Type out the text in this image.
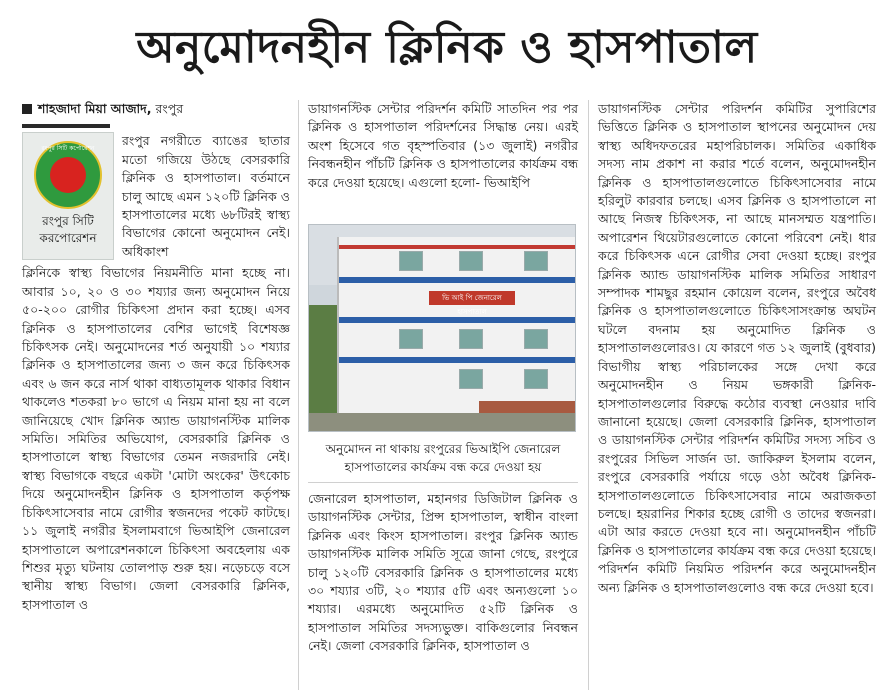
অনুমোদনহীন ক্লিনিক ও হাসপাতাল
শাহজাদা মিয়া আজাদ, রংপুর
রংপুর সিটি কর্পোরেশন
রংপুর সিটি
করপোরেশন

রংপুর নগরীতে ব্যাঙের ছাতার মতো গজিয়ে উঠছে বেসরকারি ক্লিনিক ও হাসপাতাল। বর্তমানে চালু আছে এমন ১২০টি ক্লিনিক ও হাসপাতালের মধ্যে ৬৮টিরই স্বাস্থ্য বিভাগের কোনো অনুমোদন নেই। অধিকাংশ

ক্লিনিকে স্বাস্থ্য বিভাগের নিয়মনীতি মানা হচ্ছে না। আবার ১০, ২০ ও ৩০ শয্যার জন্য অনুমোদন নিয়ে ৫০-২০০ রোগীর চিকিৎসা প্রদান করা হচ্ছে। এসব ক্লিনিক ও হাসপাতালের বেশির ভাগেই বিশেষজ্ঞ চিকিৎসক নেই। অনুমোদনের শর্ত অনুযায়ী ১০ শয্যার ক্লিনিক ও হাসপাতালের জন্য ৩ জন করে চিকিৎসক এবং ৬ জন করে নার্স থাকা বাধ্যতামূলক থাকার বিধান থাকলেও শতকরা ৮০ ভাগে এ নিয়ম মানা হয় না বলে জানিয়েছে খোদ ক্লিনিক অ্যান্ড ডায়াগনস্টিক মালিক সমিতি। সমিতির অভিযোগ, বেসরকারি ক্লিনিক ও হাসপাতালে স্বাস্থ্য বিভাগের তেমন নজরদারি নেই। স্বাস্থ্য বিভাগকে বছরে একটা 'মোটা অংকের' উৎকোচ দিয়ে অনুমোদনহীন ক্লিনিক ও হাসপাতাল কর্তৃপক্ষ চিকিৎসাসেবার নামে রোগীর স্বজনদের পকেট কাটছে। ১১ জুলাই নগরীর ইসলামবাগে ভিআইপি জেনারেল হাসপাতালে অপারেশনকালে চিকিৎসা অবহেলায় এক শিশুর মৃত্যু ঘটনায় তোলপাড় শুরু হয়। নড়েচড়ে বসে স্থানীয় স্বাস্থ্য বিভাগ। জেলা বেসরকারি ক্লিনিক, হাসপাতাল ও

ডায়াগনস্টিক সেন্টার পরিদর্শন কমিটি সাতদিন পর পর ক্লিনিক ও হাসপাতাল পরিদর্শনের সিদ্ধান্ত নেয়। এরই অংশ হিসেবে গত বৃহস্পতিবার (১৩ জুলাই) নগরীর নিবন্ধনহীন পাঁচটি ক্লিনিক ও হাসপাতালের কার্যক্রম বন্ধ করে দেওয়া হয়েছে। এগুলো হলো- ভিআইপি

ভি আই পি জেনারেল হাসপাতাল
অনুমোদন না থাকায় রংপুরের ভিআইপি জেনারেল হাসপাতালের কার্যক্রম বন্ধ করে দেওয়া হয়

জেনারেল হাসপাতাল, মহানগর ডিজিটাল ক্লিনিক ও ডায়াগনস্টিক সেন্টার, প্রিন্স হাসপাতাল, স্বাধীন বাংলা ক্লিনিক এবং কিংস হাসপাতাল। রংপুর ক্লিনিক অ্যান্ড ডায়াগনস্টিক মালিক সমিতি সূত্রে জানা গেছে, রংপুরে চালু ১২০টি বেসরকারি ক্লিনিক ও হাসপাতালের মধ্যে ৩০ শয্যার ৩টি, ২০ শয্যার ৫টি এবং অন্যগুলো ১০ শয্যার। এরমধ্যে অনুমোদিত ৫২টি ক্লিনিক ও হাসপাতাল সমিতির সদস্যভুক্ত। বাকিগুলোর নিবন্ধন নেই। জেলা বেসরকারি ক্লিনিক, হাসপাতাল ও

ডায়াগনস্টিক সেন্টার পরিদর্শন কমিটির সুপারিশের ভিত্তিতে ক্লিনিক ও হাসপাতাল স্থাপনের অনুমোদন দেয় স্বাস্থ্য অধিদফতরের মহাপরিচালক। সমিতির একাধিক সদস্য নাম প্রকাশ না করার শর্তে বলেন, অনুমোদনহীন ক্লিনিক ও হাসপাতালগুলোতে চিকিৎসাসেবার নামে হরিলুট কারবার চলছে। এসব ক্লিনিক ও হাসপাতালে না আছে নিজস্ব চিকিৎসক, না আছে মানসম্মত যন্ত্রপাতি। অপারেশন থিয়েটারগুলোতে কোনো পরিবেশ নেই। ধার করে চিকিৎসক এনে রোগীর সেবা দেওয়া হচ্ছে। রংপুর ক্লিনিক অ্যান্ড ডায়াগনস্টিক মালিক সমিতির সাধারণ সম্পাদক শামছুর রহমান কোয়েল বলেন, রংপুরে অবৈধ ক্লিনিক ও হাসপাতালগুলোতে চিকিৎসাসংক্রান্ত অঘটন ঘটলে বদনাম হয় অনুমোদিত ক্লিনিক ও হাসপাতালগুলোরও। যে কারণে গত ১২ জুলাই (বুধবার) বিভাগীয় স্বাস্থ্য পরিচালকের সঙ্গে দেখা করে অনুমোদনহীন ও নিয়ম ভঙ্গকারী ক্লিনিক-হাসপাতালগুলোর বিরুদ্ধে কঠোর ব্যবস্থা নেওয়ার দাবি জানানো হয়েছে। জেলা বেসরকারি ক্লিনিক, হাসপাতাল ও ডায়াগনস্টিক সেন্টার পরিদর্শন কমিটির সদস্য সচিব ও রংপুরের সিভিল সার্জন ডা. জাকিরুল ইসলাম বলেন, রংপুরে বেসরকারি পর্যায়ে গড়ে ওঠা অবৈধ ক্লিনিক-হাসপাতালগুলোতে চিকিৎসাসেবার নামে অরাজকতা চলছে। হয়রানির শিকার হচ্ছে রোগী ও তাদের স্বজনরা। এটা আর করতে দেওয়া হবে না। অনুমোদনহীন পাঁচটি ক্লিনিক ও হাসপাতালের কার্যক্রম বন্ধ করে দেওয়া হয়েছে। পরিদর্শন কমিটি নিয়মিত পরিদর্শন করে অনুমোদনহীন অন্য ক্লিনিক ও হাসপাতালগুলোও বন্ধ করে দেওয়া হবে।
